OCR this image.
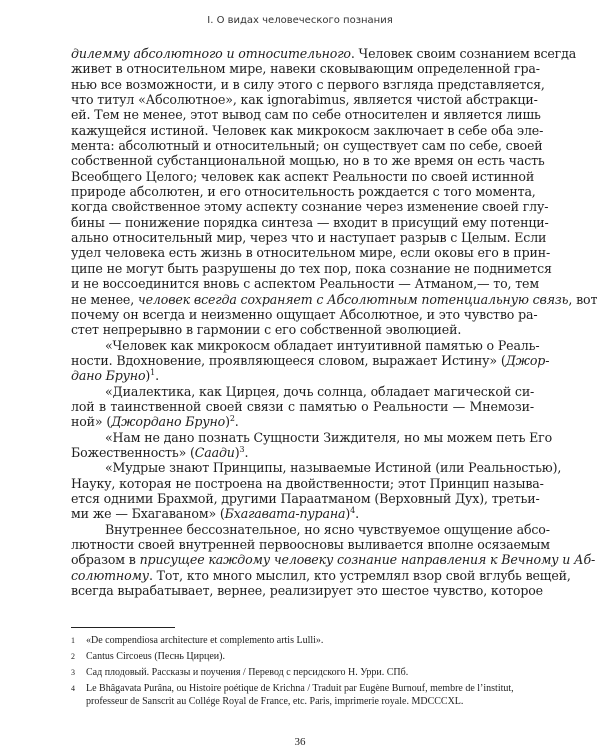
I. О видах человеческого познания
дилемму абсолютного и относительного. Человек своим сознанием всегда
живет в относительном мире, навеки сковывающим определенной гра-
нью все возможности, и в силу этого с первого взгляда представляется,
что титул «Абсолютное», как ignorabimus, является чистой абстракци-
ей. Тем не менее, этот вывод сам по себе относителен и является лишь
кажущейся истиной. Человек как микрокосм заключает в себе оба эле-
мента: абсолютный и относительный; он существует сам по себе, своей
собственной субстанциональной мощью, но в то же время он есть часть
Всеобщего Целого; человек как аспект Реальности по своей истинной
природе абсолютен, и его относительность рождается с того момента,
когда свойственное этому аспекту сознание через изменение своей глу-
бины — понижение порядка синтеза — входит в присущий ему потенци-
ально относительный мир, через что и наступает разрыв с Целым. Если
удел человека есть жизнь в относительном мире, если оковы его в прин-
ципе не могут быть разрушены до тех пор, пока сознание не поднимется
и не воссоединится вновь с аспектом Реальности — Атманом,— то, тем
не менее, человек всегда сохраняет с Абсолютным потенциальную связь, вот
почему он всегда и неизменно ощущает Абсолютное, и это чувство ра-
стет непрерывно в гармонии с его собственной эволюцией.
«Человек как микрокосм обладает интуитивной памятью о Реаль-
ности. Вдохновение, проявляющееся словом, выражает Истину» (Джор-
дано Бруно)$^1$.
«Диалектика, как Цирцея, дочь солнца, обладает магической си-
лой в таинственной своей связи с памятью о Реальности — Мнемози-
ной» (Джордано Бруно)$^2$.
«Нам не дано познать Сущности Зиждителя, но мы можем петь Его
Божественность» (Саади)$^3$.
«Мудрые знают Принципы, называемые Истиной (или Реальностью),
Науку, которая не построена на двойственности; этот Принцип называ-
ется одними Брахмой, другими Параатманом (Верховный Дух), третьи-
ми же — Бхагаваном» (Бхагавата-пурана)$^4$.
Внутреннее бессознательное, но ясно чувствуемое ощущение абсо-
лютности своей внутренней первоосновы выливается вполне осязаемым
образом в присущее каждому человеку сознание направления к Вечному и Аб-
солютному. Тот, кто много мыслил, кто устремлял взор свой вглубь вещей,
всегда вырабатывает, вернее, реализирует это шестое чувство, которое
1	«De compendiosa architecture et complemento artis Lulli».
2	Cantus Circoeus (Песнь Цирцеи).
3	Сад плодовый. Рассказы и поучения / Перевод с персидского Н. Урри. СПб.
4	Le Bhâgavata Purâna, ou Histoire poétique de Krichna / Traduit par Eugène Burnouf, membre de l’institut, professeur de Sanscrit au Collége Royal de France, etc. Paris, imprimerie royale. MDCCCXL.
36
